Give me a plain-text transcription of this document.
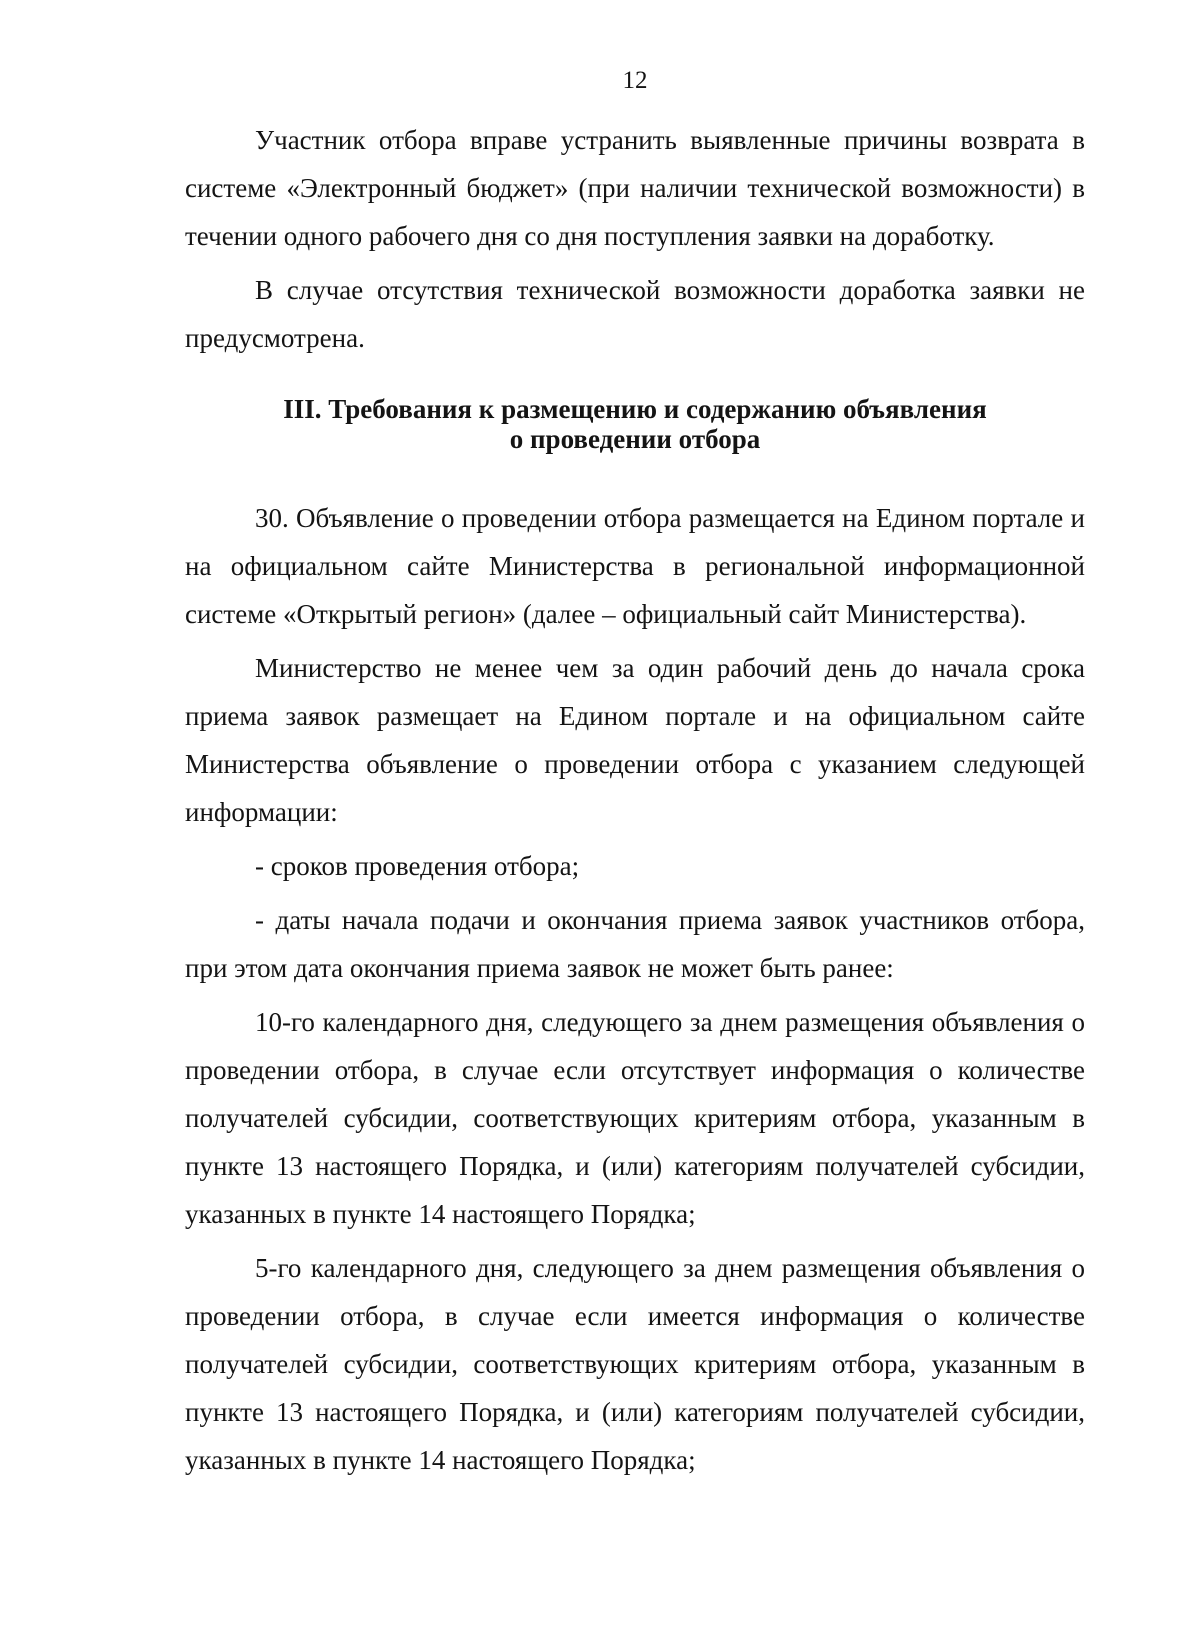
12

Участник отбора вправе устранить выявленные причины возврата в системе «Электронный бюджет» (при наличии технической возможности) в течении одного рабочего дня со дня поступления заявки на доработку.

В случае отсутствия технической возможности доработка заявки не предусмотрена.

III. Требования к размещению и содержанию объявления
о проведении отбора

30. Объявление о проведении отбора размещается на Едином портале и на официальном сайте Министерства в региональной информационной системе «Открытый регион» (далее – официальный сайт Министерства).

Министерство не менее чем за один рабочий день до начала срока приема заявок размещает на Едином портале и на официальном сайте Министерства объявление о проведении отбора с указанием следующей информации:

- сроков проведения отбора;

- даты начала подачи и окончания приема заявок участников отбора, при этом дата окончания приема заявок не может быть ранее:

10-го календарного дня, следующего за днем размещения объявления о проведении отбора, в случае если отсутствует информация о количестве получателей субсидии, соответствующих критериям отбора, указанным в пункте 13 настоящего Порядка, и (или) категориям получателей субсидии, указанных в пункте 14 настоящего Порядка;

5-го календарного дня, следующего за днем размещения объявления о проведении отбора, в случае если имеется информация о количестве получателей субсидии, соответствующих критериям отбора, указанным в пункте 13 настоящего Порядка, и (или) категориям получателей субсидии, указанных в пункте 14 настоящего Порядка;
